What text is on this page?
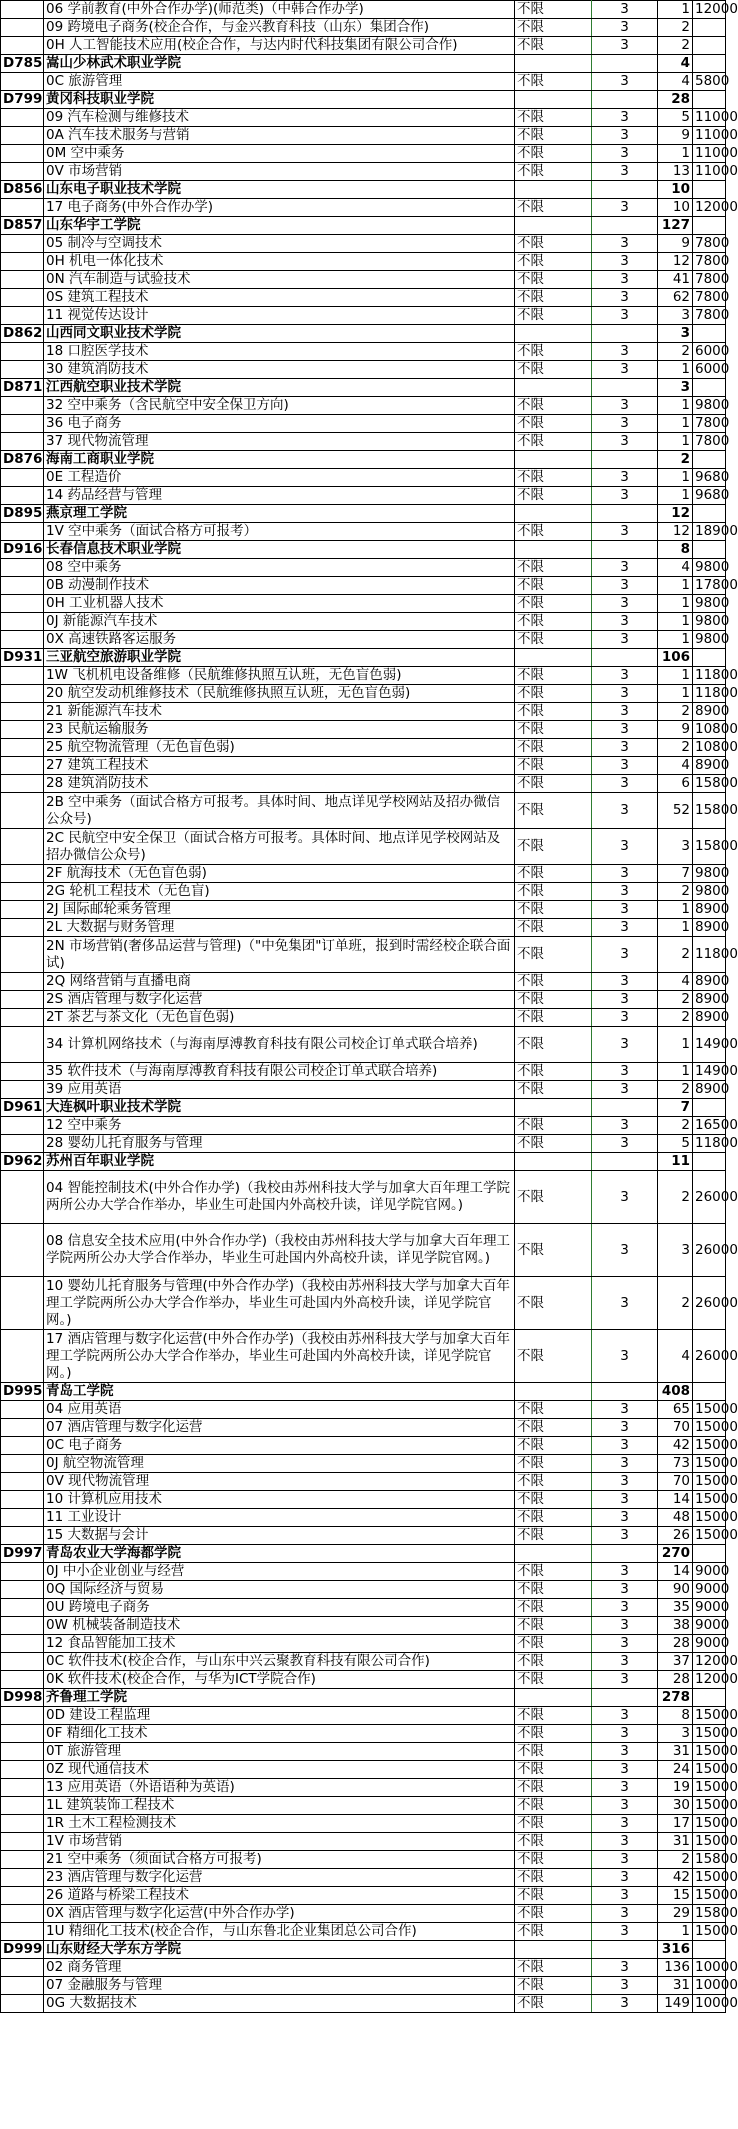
	06 学前教育(中外合作办学)(师范类)（中韩合作办学)	不限	3	1	12000
	09 跨境电子商务(校企合作，与金兴教育科技（山东）集团合作)	不限	3	2	
	0H 人工智能技术应用(校企合作，与达内时代科技集团有限公司合作)	不限	3	2	
D785	嵩山少林武术职业学院			4	
	0C 旅游管理	不限	3	4	5800
D799	黄冈科技职业学院			28	
	09 汽车检测与维修技术	不限	3	5	11000
	0A 汽车技术服务与营销	不限	3	9	11000
	0M 空中乘务	不限	3	1	11000
	0V 市场营销	不限	3	13	11000
D856	山东电子职业技术学院			10	
	17 电子商务(中外合作办学)	不限	3	10	12000
D857	山东华宇工学院			127	
	05 制冷与空调技术	不限	3	9	7800
	0H 机电一体化技术	不限	3	12	7800
	0N 汽车制造与试验技术	不限	3	41	7800
	0S 建筑工程技术	不限	3	62	7800
	11 视觉传达设计	不限	3	3	7800
D862	山西同文职业技术学院			3	
	18 口腔医学技术	不限	3	2	6000
	30 建筑消防技术	不限	3	1	6000
D871	江西航空职业技术学院			3	
	32 空中乘务（含民航空中安全保卫方向)	不限	3	1	9800
	36 电子商务	不限	3	1	7800
	37 现代物流管理	不限	3	1	7800
D876	海南工商职业学院			2	
	0E 工程造价	不限	3	1	9680
	14 药品经营与管理	不限	3	1	9680
D895	燕京理工学院			12	
	1V 空中乘务（面试合格方可报考）	不限	3	12	18900
D916	长春信息技术职业学院			8	
	08 空中乘务	不限	3	4	9800
	0B 动漫制作技术	不限	3	1	17800
	0H 工业机器人技术	不限	3	1	9800
	0J 新能源汽车技术	不限	3	1	9800
	0X 高速铁路客运服务	不限	3	1	9800
D931	三亚航空旅游职业学院			106	
	1W 飞机机电设备维修（民航维修执照互认班，无色盲色弱)	不限	3	1	11800
	20 航空发动机维修技术（民航维修执照互认班，无色盲色弱)	不限	3	1	11800
	21 新能源汽车技术	不限	3	2	8900
	23 民航运输服务	不限	3	9	10800
	25 航空物流管理（无色盲色弱)	不限	3	2	10800
	27 建筑工程技术	不限	3	4	8900
	28 建筑消防技术	不限	3	6	15800
	2B 空中乘务（面试合格方可报考。具体时间、地点详见学校网站及招办微信公众号)	不限	3	52	15800
	2C 民航空中安全保卫（面试合格方可报考。具体时间、地点详见学校网站及招办微信公众号)	不限	3	3	15800
	2F 航海技术（无色盲色弱)	不限	3	7	9800
	2G 轮机工程技术（无色盲)	不限	3	2	9800
	2J 国际邮轮乘务管理	不限	3	1	8900
	2L 大数据与财务管理	不限	3	1	8900
	2N 市场营销(奢侈品运营与管理)（"中免集团"订单班，报到时需经校企联合面试)	不限	3	2	11800
	2Q 网络营销与直播电商	不限	3	4	8900
	2S 酒店管理与数字化运营	不限	3	2	8900
	2T 茶艺与茶文化（无色盲色弱)	不限	3	2	8900
	34 计算机网络技术（与海南厚溥教育科技有限公司校企订单式联合培养)	不限	3	1	14900
	35 软件技术（与海南厚溥教育科技有限公司校企订单式联合培养)	不限	3	1	14900
	39 应用英语	不限	3	2	8900
D961	大连枫叶职业技术学院			7	
	12 空中乘务	不限	3	2	16500
	28 婴幼儿托育服务与管理	不限	3	5	11800
D962	苏州百年职业学院			11	
	04 智能控制技术(中外合作办学)（我校由苏州科技大学与加拿大百年理工学院两所公办大学合作举办，毕业生可赴国内外高校升读，详见学院官网。)	不限	3	2	26000
	08 信息安全技术应用(中外合作办学)（我校由苏州科技大学与加拿大百年理工学院两所公办大学合作举办，毕业生可赴国内外高校升读，详见学院官网。)	不限	3	3	26000
	10 婴幼儿托育服务与管理(中外合作办学)（我校由苏州科技大学与加拿大百年理工学院两所公办大学合作举办，毕业生可赴国内外高校升读，详见学院官网。)	不限	3	2	26000
	17 酒店管理与数字化运营(中外合作办学)（我校由苏州科技大学与加拿大百年理工学院两所公办大学合作举办，毕业生可赴国内外高校升读，详见学院官网。)	不限	3	4	26000
D995	青岛工学院			408	
	04 应用英语	不限	3	65	15000
	07 酒店管理与数字化运营	不限	3	70	15000
	0C 电子商务	不限	3	42	15000
	0J 航空物流管理	不限	3	73	15000
	0V 现代物流管理	不限	3	70	15000
	10 计算机应用技术	不限	3	14	15000
	11 工业设计	不限	3	48	15000
	15 大数据与会计	不限	3	26	15000
D997	青岛农业大学海都学院			270	
	0J 中小企业创业与经营	不限	3	14	9000
	0Q 国际经济与贸易	不限	3	90	9000
	0U 跨境电子商务	不限	3	35	9000
	0W 机械装备制造技术	不限	3	38	9000
	12 食品智能加工技术	不限	3	28	9000
	0C 软件技术(校企合作，与山东中兴云聚教育科技有限公司合作)	不限	3	37	12000
	0K 软件技术(校企合作，与华为ICT学院合作)	不限	3	28	12000
D998	齐鲁理工学院			278	
	0D 建设工程监理	不限	3	8	15000
	0F 精细化工技术	不限	3	3	15000
	0T 旅游管理	不限	3	31	15000
	0Z 现代通信技术	不限	3	24	15000
	13 应用英语（外语语种为英语)	不限	3	19	15000
	1L 建筑装饰工程技术	不限	3	30	15000
	1R 土木工程检测技术	不限	3	17	15000
	1V 市场营销	不限	3	31	15000
	21 空中乘务（须面试合格方可报考)	不限	3	2	15800
	23 酒店管理与数字化运营	不限	3	42	15000
	26 道路与桥梁工程技术	不限	3	15	15000
	0X 酒店管理与数字化运营(中外合作办学)	不限	3	29	15800
	1U 精细化工技术(校企合作，与山东鲁北企业集团总公司合作)	不限	3	1	15000
D999	山东财经大学东方学院			316	
	02 商务管理	不限	3	136	10000
	07 金融服务与管理	不限	3	31	10000
	0G 大数据技术	不限	3	149	10000
